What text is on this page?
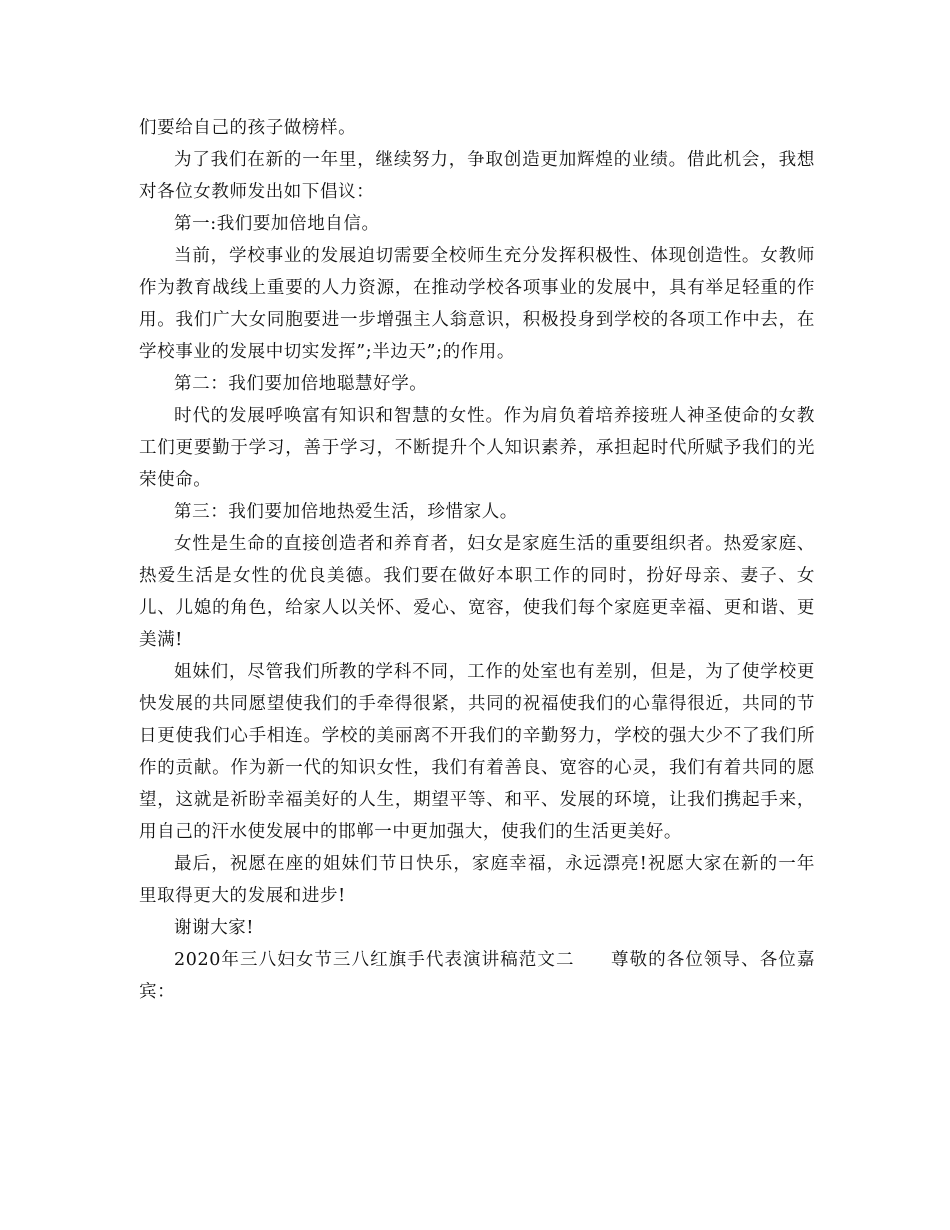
们要给自己的孩子做榜样。

为了我们在新的一年里，继续努力，争取创造更加辉煌的业绩。借此机会，我想对各位女教师发出如下倡议：

第一:我们要加倍地自信。

当前，学校事业的发展迫切需要全校师生充分发挥积极性、体现创造性。女教师作为教育战线上重要的人力资源，在推动学校各项事业的发展中，具有举足轻重的作用。我们广大女同胞要进一步增强主人翁意识，积极投身到学校的各项工作中去，在学校事业的发展中切实发挥”;半边天”;的作用。

第二：我们要加倍地聪慧好学。

时代的发展呼唤富有知识和智慧的女性。作为肩负着培养接班人神圣使命的女教工们更要勤于学习，善于学习，不断提升个人知识素养，承担起时代所赋予我们的光荣使命。

第三：我们要加倍地热爱生活，珍惜家人。

女性是生命的直接创造者和养育者，妇女是家庭生活的重要组织者。热爱家庭、热爱生活是女性的优良美德。我们要在做好本职工作的同时，扮好母亲、妻子、女儿、儿媳的角色，给家人以关怀、爱心、宽容，使我们每个家庭更幸福、更和谐、更美满!

姐妹们，尽管我们所教的学科不同，工作的处室也有差别，但是，为了使学校更快发展的共同愿望使我们的手牵得很紧，共同的祝福使我们的心靠得很近，共同的节日更使我们心手相连。学校的美丽离不开我们的辛勤努力，学校的强大少不了我们所作的贡献。作为新一代的知识女性，我们有着善良、宽容的心灵，我们有着共同的愿望，这就是祈盼幸福美好的人生，期望平等、和平、发展的环境，让我们携起手来，用自己的汗水使发展中的邯郸一中更加强大，使我们的生活更美好。

最后，祝愿在座的姐妹们节日快乐，家庭幸福，永远漂亮!祝愿大家在新的一年里取得更大的发展和进步!

谢谢大家!

2020年三八妇女节三八红旗手代表演讲稿范文二 尊敬的各位领导、各位嘉宾：
